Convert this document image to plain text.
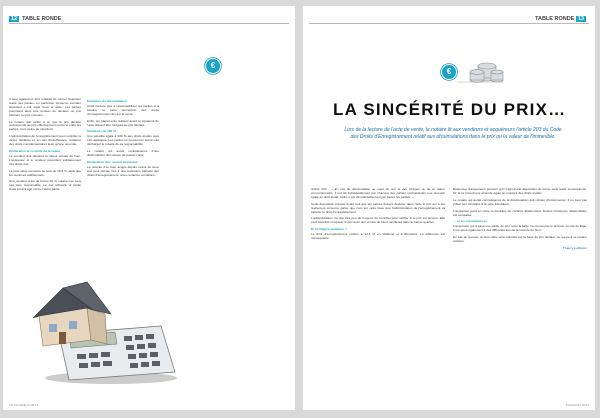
12 TABLE RONDE
€

Il peut également être malaisé de cerner l'intention réelle des parties, en particulier lorsqu'un montant supérieur a été réglé 'sous la table'. Les parties pourraient alors être tentées de déclarer un prix inférieur au prix convenu.

Le notaire doit veiller à ce que le prix déclaré corresponde au prix effectivement convenu entre les parties, sous peine de sanctions.

L'administration de l'enregistrement peut contrôler la valeur déclarée et, en cas d'insuffisance, réclamer des droits complémentaires ainsi qu'une amende.

Déclaration et contrôle de la valeur

Le vendeur doit déclarer la valeur vénale du bien. L'acquéreur et le vendeur répondent solidairement des droits dus.

La plus-value est taxée au taux de 16,5 %, ainsi que les centimes additionnels.

Si le vendeur a été de bonne foi, le notaire n'en sera pas tenu responsable. Le cas échéant, la partie lésée pourra agir contre l'autre partie.

Exemples de dissimulation

Cette mesure vise à responsabiliser les parties et à assurer la juste perception des droits d'enregistrement dus sur la vente.

Enfin, les placements réalisés avant la signature de l'acte doivent être intégrés au prix déclaré.

Sanctions de 200 %

Une pénalité égale à 200 % des droits éludés peut être appliquée. Les parties ne peuvent en aucun cas décharger le notaire de sa responsabilité.

Le notaire qui aurait connaissance d'une dissimulation doit refuser de passer l'acte.

Déclaration d'un nouvel acquéreur

La revente d'un bien acquis depuis moins de deux ans peut donner lieu à une restitution partielle des droits d'enregistrement, sous certaines conditions.

TR-Immobilier.indd 12
TABLE RONDE 13
€
LA SINCÉRITÉ DU PRIX…
Lors de la lecture de l'acte de vente, le notaire lit aux vendeurs et acquéreurs l'article 203 du Code des Droits d'Enregistrement relatif aux dissimulations dans le prix ou la valeur de l'immeuble.

Article 203 : « En cas de dissimulation au sujet du prix et des charges ou de la valeur conventionnelle, il est dû individuellement par chacune des parties contractantes une amende égale au droit éludé. Celui-ci est dû indivisiblement par toutes les parties. »

Cette disposition précise avant tout que les parties doivent déclarer dans l'acte le prix qui a été réellement convenu, parce que c'est sur cette base que l'administration de l'enregistrement va calculer le droit d'enregistrement.

L'administration n'a que très peu de moyens de contrôler pour vérifier si le prix est sincère. Elle peut toutefois comparer le prix avec des ventes de biens similaires dans le même quartier.

Et en Région wallonne ?

Le droit d'enregistrement s'élève à 12,5 % en Wallonie et à Bruxelles. La différence est conséquente.

Beaucoup d'acquéreurs pensent qu'il s'agit d'une disposition de forme sans réelle conséquence. Or, la loi prévoit une amende égale au montant des droits éludés.

Le notaire qui aurait connaissance de la dissimulation doit refuser d'instrumenter. Il ne peut pas prêter son ministère à un acte frauduleux.

L'acquéreur perd en outre le bénéfice de certains abattements fiscaux lorsqu'une dissimulation est constatée.

… et les conséquences

L'acquéreur qui a payé une partie du prix 'sous la table' ne pourra pas le prouver en cas de litige. Il s'expose également à des difficultés lors de la revente du bien.

En cas de revente, la plus-value sera calculée sur la base du prix déclaré, ce qui peut se révéler coûteux.

Thierry Leliboux
31/01/2013 10:07
